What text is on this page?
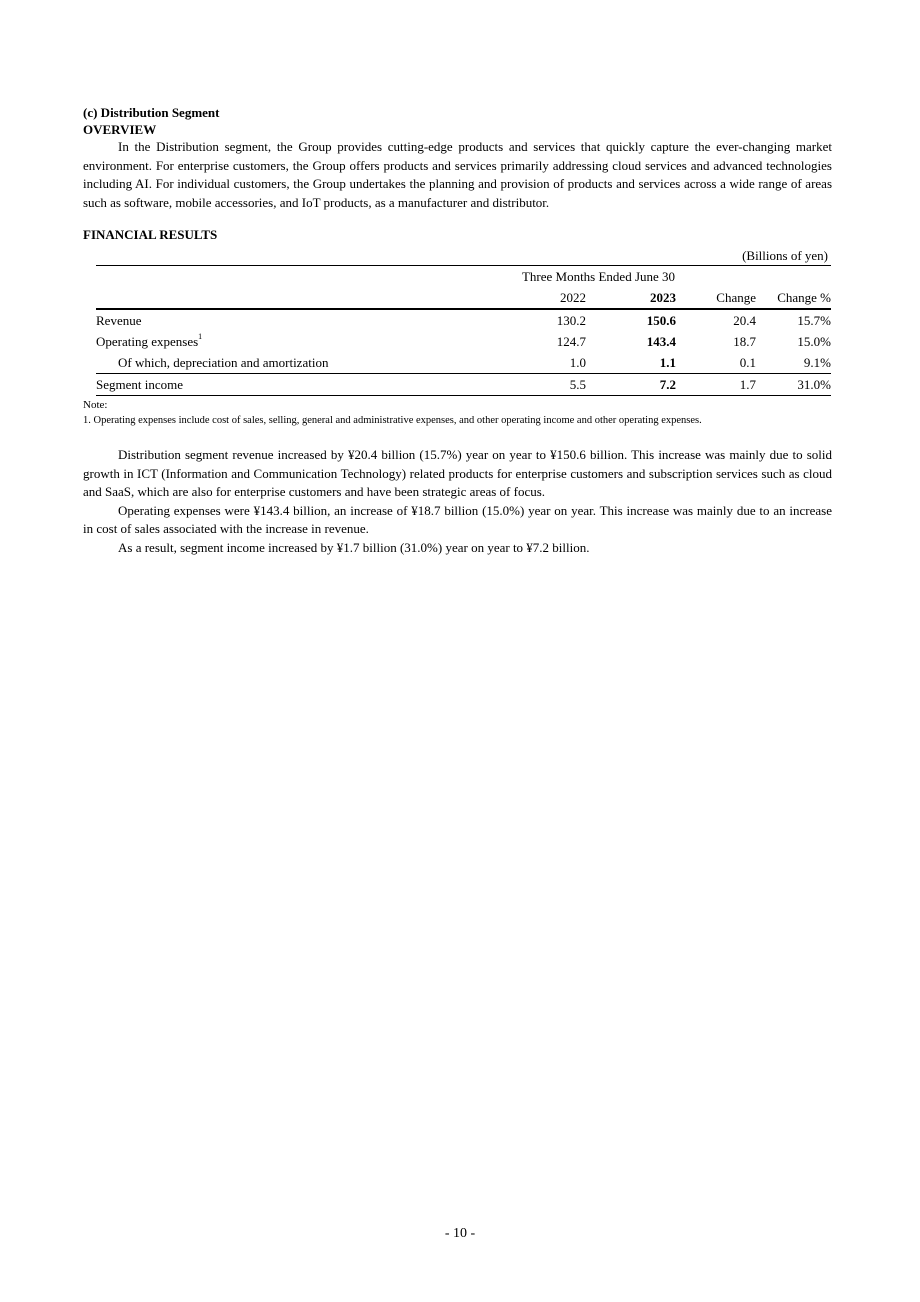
(c) Distribution Segment
OVERVIEW

In the Distribution segment, the Group provides cutting-edge products and services that quickly capture the ever-changing market environment. For enterprise customers, the Group offers products and services primarily addressing cloud services and advanced technologies including AI. For individual customers, the Group undertakes the planning and provision of products and services across a wide range of areas such as software, mobile accessories, and IoT products, as a manufacturer and distributor.

FINANCIAL RESULTS
(Billions of yen)
	Three Months Ended June 30			
	2022	2023	Change	Change %
Revenue	130.2	150.6	20.4	15.7%
Operating expenses$^1$	124.7	143.4	18.7	15.0%
Of which, depreciation and amortization	1.0	1.1	0.1	9.1%
Segment income	5.5	7.2	1.7	31.0%
Note:
1. Operating expenses include cost of sales, selling, general and administrative expenses, and other operating income and other operating expenses.

Distribution segment revenue increased by ¥20.4 billion (15.7%) year on year to ¥150.6 billion. This increase was mainly due to solid growth in ICT (Information and Communication Technology) related products for enterprise customers and subscription services such as cloud and SaaS, which are also for enterprise customers and have been strategic areas of focus.

Operating expenses were ¥143.4 billion, an increase of ¥18.7 billion (15.0%) year on year. This increase was mainly due to an increase in cost of sales associated with the increase in revenue.

As a result, segment income increased by ¥1.7 billion (31.0%) year on year to ¥7.2 billion.

- 10 -
